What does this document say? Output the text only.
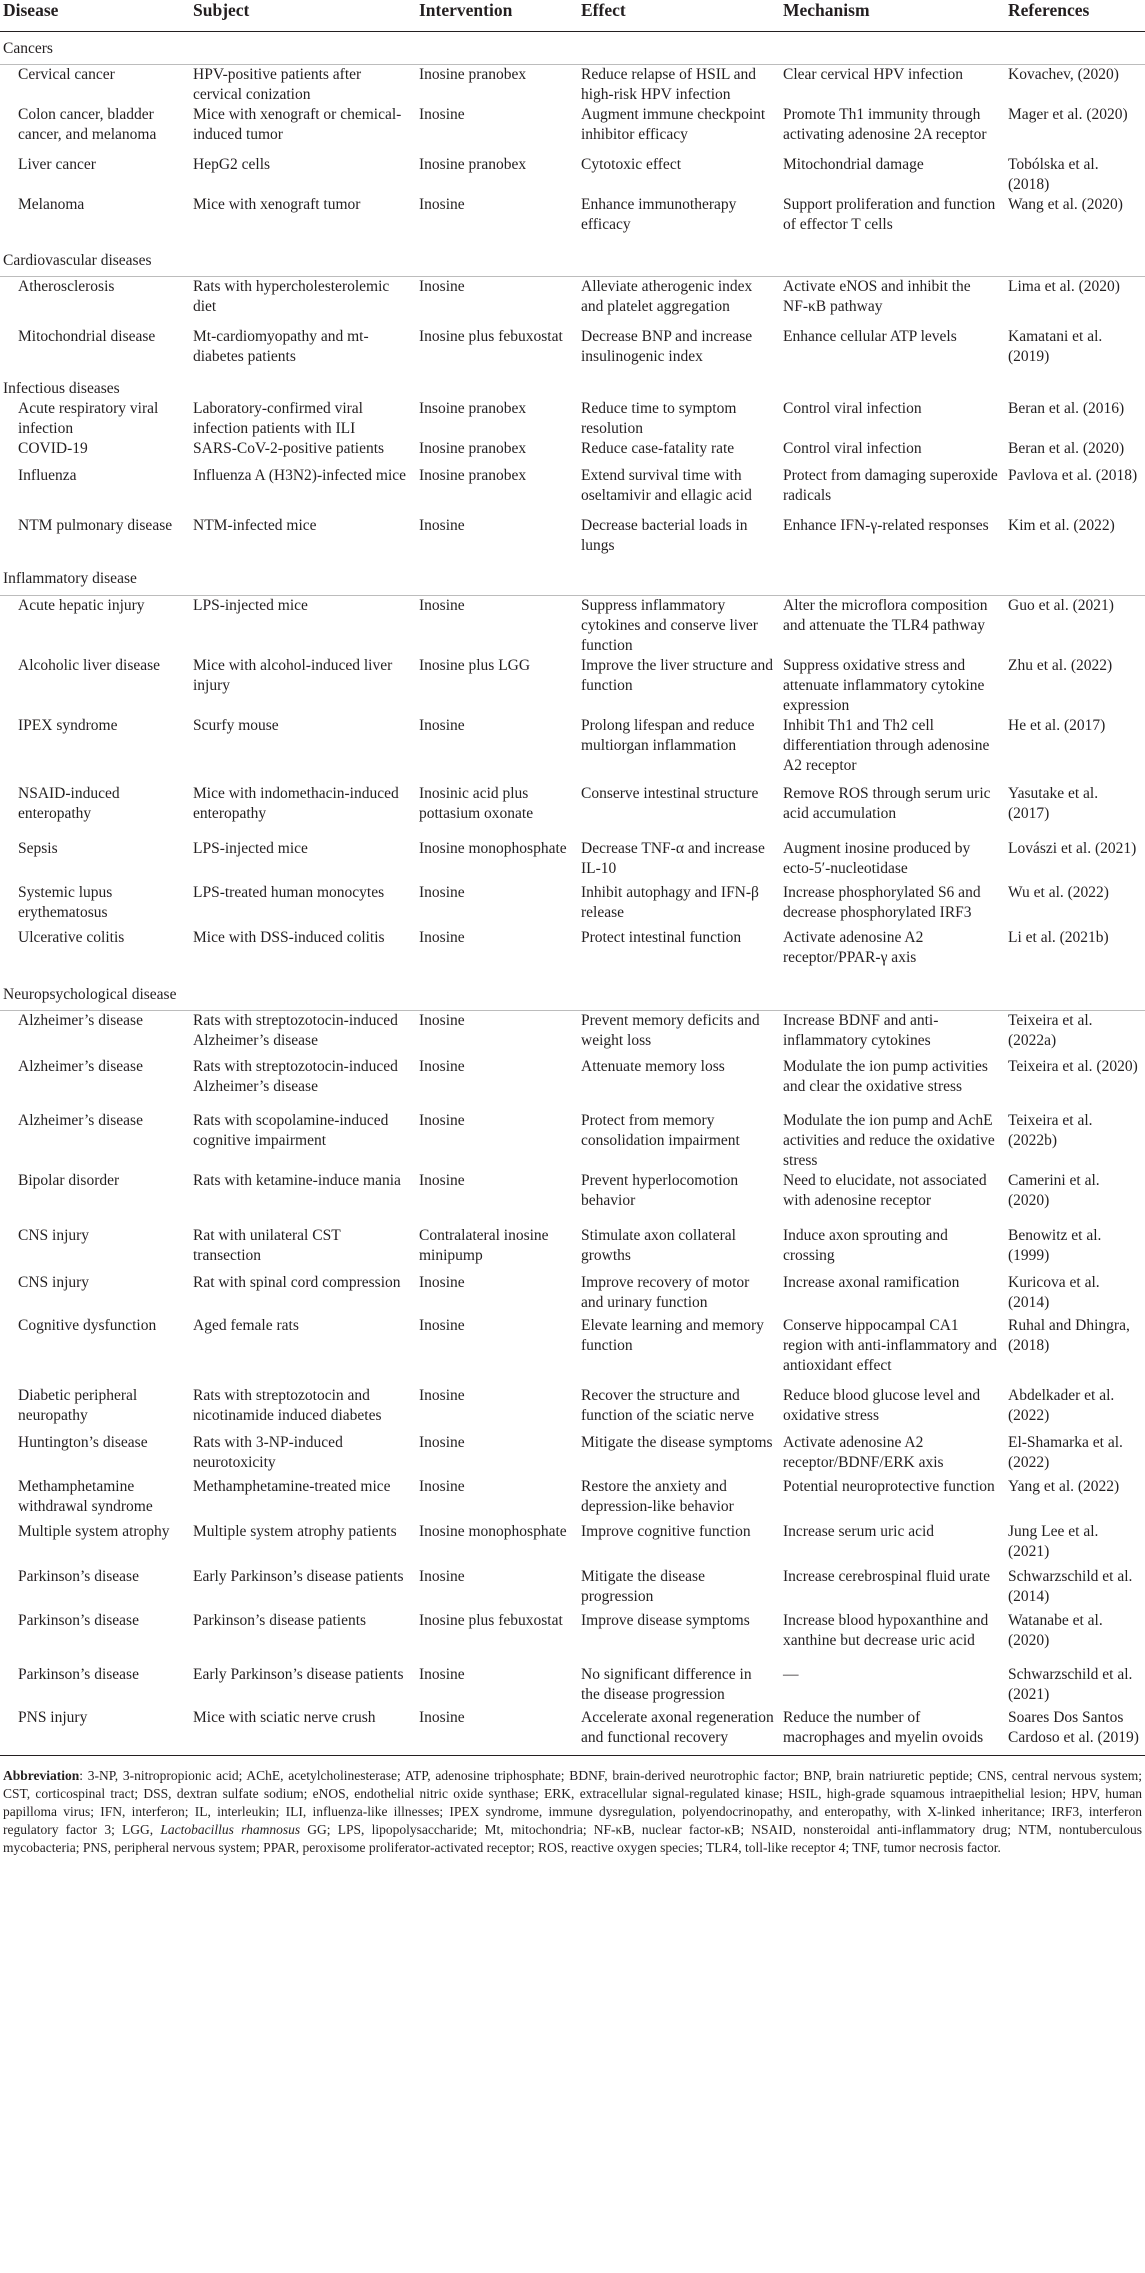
Disease	Subject	Intervention	Effect	Mechanism	References
Cancers					
Cervical cancer	HPV-positive patients after cervical conization	Inosine pranobex	Reduce relapse of HSIL and high-risk HPV infection	Clear cervical HPV infection	Kovachev, (2020)
Colon cancer, bladder cancer, and melanoma	Mice with xenograft or chemical-induced tumor	Inosine	Augment immune checkpoint inhibitor efficacy	Promote Th1 immunity through activating adenosine 2A receptor	Mager et al. (2020)
Liver cancer	HepG2 cells	Inosine pranobex	Cytotoxic effect	Mitochondrial damage	Tobólska et al. (2018)
Melanoma	Mice with xenograft tumor	Inosine	Enhance immunotherapy efficacy	Support proliferation and function of effector T cells	Wang et al. (2020)
Cardiovascular diseases					
Atherosclerosis	Rats with hypercholesterolemic diet	Inosine	Alleviate atherogenic index and platelet aggregation	Activate eNOS and inhibit the NF-κB pathway	Lima et al. (2020)
Mitochondrial disease	Mt-cardiomyopathy and mt-diabetes patients	Inosine plus febuxostat	Decrease BNP and increase insulinogenic index	Enhance cellular ATP levels	Kamatani et al. (2019)
Infectious diseases					
Acute respiratory viral infection	Laboratory-confirmed viral infection patients with ILI	Insoine pranobex	Reduce time to symptom resolution	Control viral infection	Beran et al. (2016)
COVID-19	SARS-CoV-2-positive patients	Inosine pranobex	Reduce case-fatality rate	Control viral infection	Beran et al. (2020)
Influenza	Influenza A (H3N2)-infected mice	Inosine pranobex	Extend survival time with oseltamivir and ellagic acid	Protect from damaging superoxide radicals	Pavlova et al. (2018)
NTM pulmonary disease	NTM-infected mice	Inosine	Decrease bacterial loads in lungs	Enhance IFN-γ-related responses	Kim et al. (2022)
Inflammatory disease					
Acute hepatic injury	LPS-injected mice	Inosine	Suppress inflammatory cytokines and conserve liver function	Alter the microflora composition and attenuate the TLR4 pathway	Guo et al. (2021)
Alcoholic liver disease	Mice with alcohol-induced liver injury	Inosine plus LGG	Improve the liver structure and function	Suppress oxidative stress and attenuate inflammatory cytokine expression	Zhu et al. (2022)
IPEX syndrome	Scurfy mouse	Inosine	Prolong lifespan and reduce multiorgan inflammation	Inhibit Th1 and Th2 cell differentiation through adenosine A2 receptor	He et al. (2017)
NSAID-induced enteropathy	Mice with indomethacin-induced enteropathy	Inosinic acid plus pottasium oxonate	Conserve intestinal structure	Remove ROS through serum uric acid accumulation	Yasutake et al. (2017)
Sepsis	LPS-injected mice	Inosine monophosphate	Decrease TNF-α and increase IL-10	Augment inosine produced by ecto-5′-nucleotidase	Lovászi et al. (2021)
Systemic lupus erythematosus	LPS-treated human monocytes	Inosine	Inhibit autophagy and IFN-β release	Increase phosphorylated S6 and decrease phosphorylated IRF3	Wu et al. (2022)
Ulcerative colitis	Mice with DSS-induced colitis	Inosine	Protect intestinal function	Activate adenosine A2 receptor/PPAR-γ axis	Li et al. (2021b)
Neuropsychological disease					
Alzheimer’s disease	Rats with streptozotocin-induced Alzheimer’s disease	Inosine	Prevent memory deficits and weight loss	Increase BDNF and anti-inflammatory cytokines	Teixeira et al. (2022a)
Alzheimer’s disease	Rats with streptozotocin-induced Alzheimer’s disease	Inosine	Attenuate memory loss	Modulate the ion pump activities and clear the oxidative stress	Teixeira et al. (2020)
Alzheimer’s disease	Rats with scopolamine-induced cognitive impairment	Inosine	Protect from memory consolidation impairment	Modulate the ion pump and AchE activities and reduce the oxidative stress	Teixeira et al. (2022b)
Bipolar disorder	Rats with ketamine-induce mania	Inosine	Prevent hyperlocomotion behavior	Need to elucidate, not associated with adenosine receptor	Camerini et al. (2020)
CNS injury	Rat with unilateral CST transection	Contralateral inosine minipump	Stimulate axon collateral growths	Induce axon sprouting and crossing	Benowitz et al. (1999)
CNS injury	Rat with spinal cord compression	Inosine	Improve recovery of motor and urinary function	Increase axonal ramification	Kuricova et al. (2014)
Cognitive dysfunction	Aged female rats	Inosine	Elevate learning and memory function	Conserve hippocampal CA1 region with anti-inflammatory and antioxidant effect	Ruhal and Dhingra, (2018)
Diabetic peripheral neuropathy	Rats with streptozotocin and nicotinamide induced diabetes	Inosine	Recover the structure and function of the sciatic nerve	Reduce blood glucose level and oxidative stress	Abdelkader et al. (2022)
Huntington’s disease	Rats with 3-NP-induced neurotoxicity	Inosine	Mitigate the disease symptoms	Activate adenosine A2 receptor/BDNF/ERK axis	El-Shamarka et al. (2022)
Methamphetamine withdrawal syndrome	Methamphetamine-treated mice	Inosine	Restore the anxiety and depression-like behavior	Potential neuroprotective function	Yang et al. (2022)
Multiple system atrophy	Multiple system atrophy patients	Inosine monophosphate	Improve cognitive function	Increase serum uric acid	Jung Lee et al. (2021)
Parkinson’s disease	Early Parkinson’s disease patients	Inosine	Mitigate the disease progression	Increase cerebrospinal fluid urate	Schwarzschild et al. (2014)
Parkinson’s disease	Parkinson’s disease patients	Inosine plus febuxostat	Improve disease symptoms	Increase blood hypoxanthine and xanthine but decrease uric acid	Watanabe et al. (2020)
Parkinson’s disease	Early Parkinson’s disease patients	Inosine	No significant difference in the disease progression	—	Schwarzschild et al. (2021)
PNS injury	Mice with sciatic nerve crush	Inosine	Accelerate axonal regeneration and functional recovery	Reduce the number of macrophages and myelin ovoids	Soares Dos Santos Cardoso et al. (2019)
Abbreviation: 3-NP, 3-nitropropionic acid; AChE, acetylcholinesterase; ATP, adenosine triphosphate; BDNF, brain-derived neurotrophic factor; BNP, brain natriuretic peptide; CNS, central nervous system; CST, corticospinal tract; DSS, dextran sulfate sodium; eNOS, endothelial nitric oxide synthase; ERK, extracellular signal-regulated kinase; HSIL, high-grade squamous intraepithelial lesion; HPV, human papilloma virus; IFN, interferon; IL, interleukin; ILI, influenza-like illnesses; IPEX syndrome, immune dysregulation, polyendocrinopathy, and enteropathy, with X-linked inheritance; IRF3, interferon regulatory factor 3; LGG, Lactobacillus rhamnosus GG; LPS, lipopolysaccharide; Mt, mitochondria; NF-κB, nuclear factor-κB; NSAID, nonsteroidal anti-inflammatory drug; NTM, nontuberculous mycobacteria; PNS, peripheral nervous system; PPAR, peroxisome proliferator-activated receptor; ROS, reactive oxygen species; TLR4, toll-like receptor 4; TNF, tumor necrosis factor.
